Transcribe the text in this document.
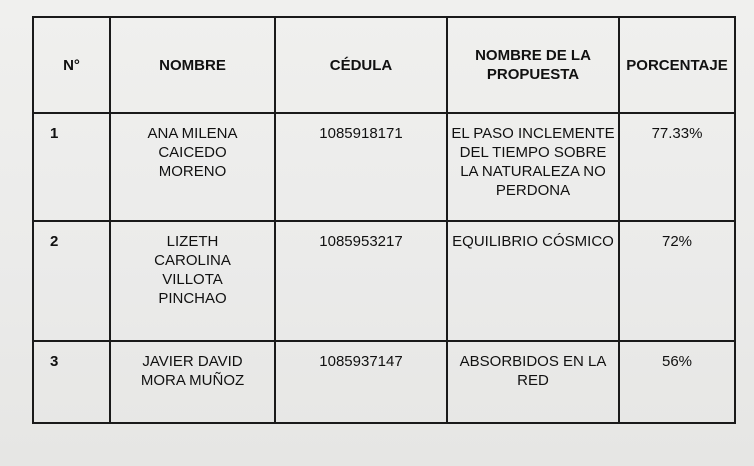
N°	NOMBRE	CÉDULA	NOMBRE DE LA
PROPUESTA	PORCENTAJE

1	ANA MILENA
CAICEDO
MORENO	1085918171	EL PASO INCLEMENTE
DEL TIEMPO SOBRE
LA NATURALEZA NO
PERDONA	77.33%

2	LIZETH
CAROLINA
VILLOTA
PINCHAO	1085953217	EQUILIBRIO CÓSMICO	72%

3	JAVIER DAVID
MORA MUÑOZ	1085937147	ABSORBIDOS EN LA
RED	56%
